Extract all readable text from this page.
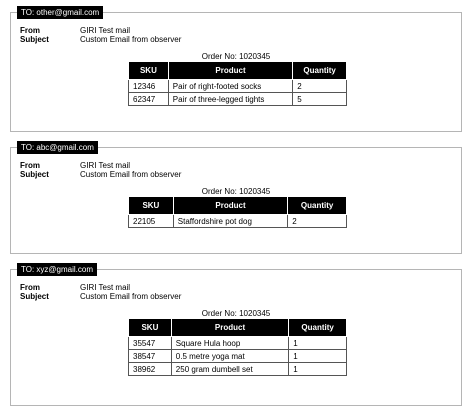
TO: other@gmail.com
From	GIRI Test mail
Subject	Custom Email from observer
Order No: 1020345
SKU	Product	Quantity
12346	Pair of right-footed socks	2
62347	Pair of three-legged tights	5
TO: abc@gmail.com
From	GIRI Test mail
Subject	Custom Email from observer
Order No: 1020345
SKU	Product	Quantity
22105	Staffordshire pot dog	2
TO: xyz@gmail.com
From	GIRI Test mail
Subject	Custom Email from observer
Order No: 1020345
SKU	Product	Quantity
35547	Square Hula hoop	1
38547	0.5 metre yoga mat	1
38962	250 gram dumbell set	1
